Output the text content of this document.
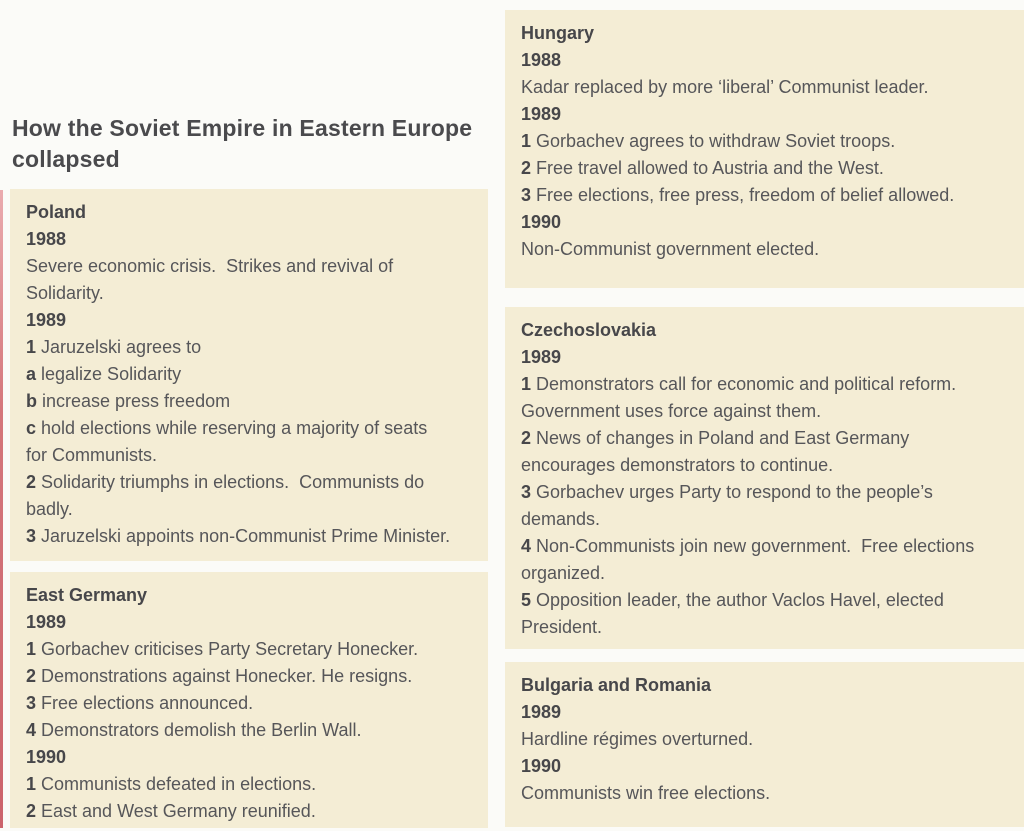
How the Soviet Empire in Eastern Europe
collapsed
Poland
1988
Severe economic crisis.  Strikes and revival of
Solidarity.
1989
1 Jaruzelski agrees to
a legalize Solidarity
b increase press freedom
c hold elections while reserving a majority of seats
for Communists.
2 Solidarity triumphs in elections.  Communists do
badly.
3 Jaruzelski appoints non-Communist Prime Minister.
East Germany
1989
1 Gorbachev criticises Party Secretary Honecker.
2 Demonstrations against Honecker. He resigns.
3 Free elections announced.
4 Demonstrators demolish the Berlin Wall.
1990
1 Communists defeated in elections.
2 East and West Germany reunified.
Hungary
1988
Kadar replaced by more ‘liberal’ Communist leader.
1989
1 Gorbachev agrees to withdraw Soviet troops.
2 Free travel allowed to Austria and the West.
3 Free elections, free press, freedom of belief allowed.
1990
Non-Communist government elected.
Czechoslovakia
1989
1 Demonstrators call for economic and political reform.
Government uses force against them.
2 News of changes in Poland and East Germany
encourages demonstrators to continue.
3 Gorbachev urges Party to respond to the people’s
demands.
4 Non-Communists join new government.  Free elections
organized.
5 Opposition leader, the author Vaclos Havel, elected
President.
Bulgaria and Romania
1989
Hardline régimes overturned.
1990
Communists win free elections.
